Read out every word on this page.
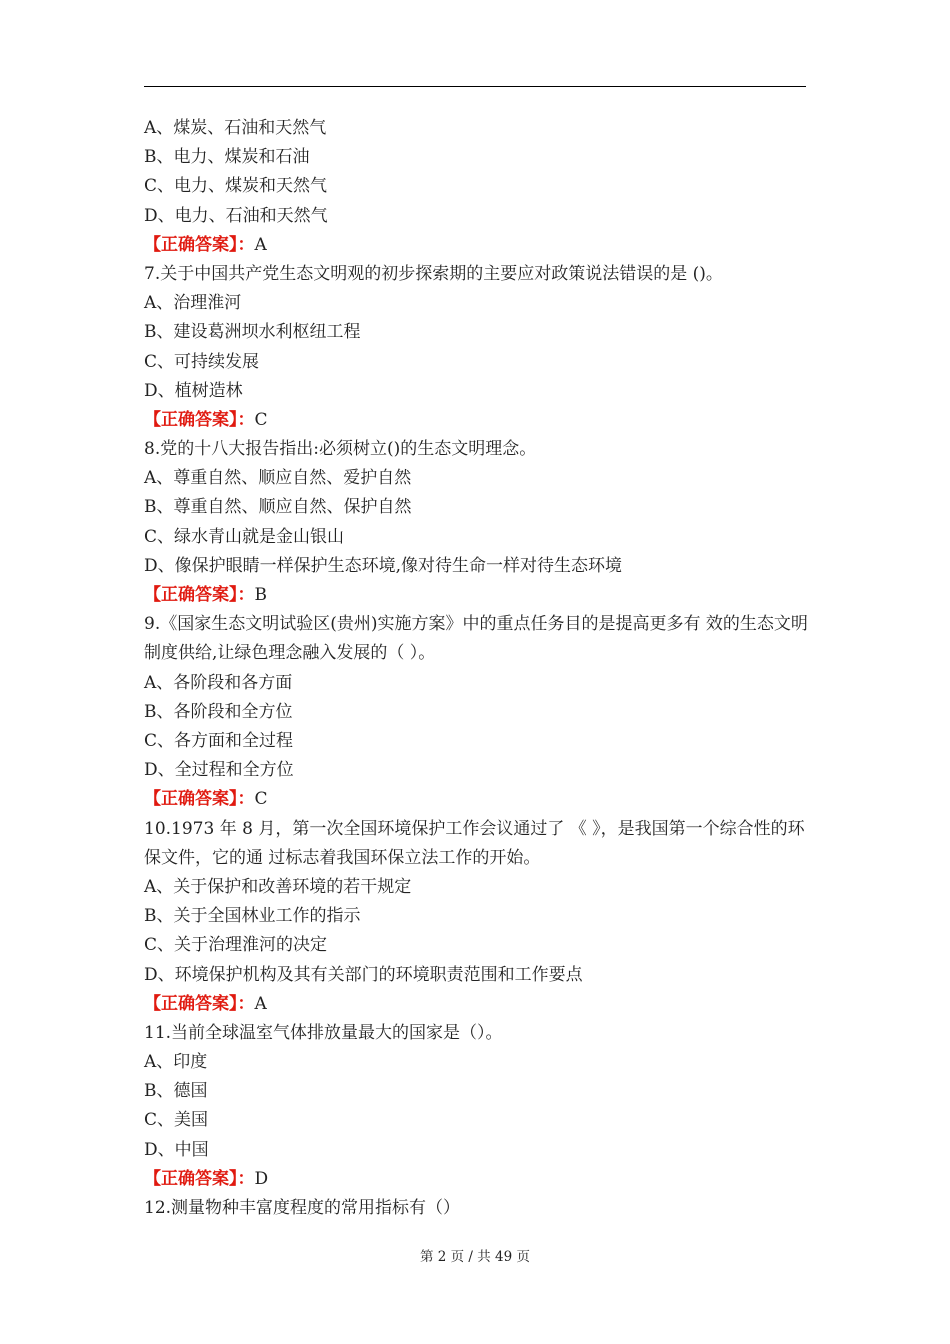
A、煤炭、石油和天然气
B、电力、煤炭和石油
C、电力、煤炭和天然气
D、电力、石油和天然气
【正确答案】：A
7.关于中国共产党生态文明观的初步探索期的主要应对政策说法错误的是 ()。
A、治理淮河
B、建设葛洲坝水利枢纽工程
C、可持续发展
D、植树造林
【正确答案】：C
8.党的十八大报告指出:必须树立()的生态文明理念。
A、尊重自然、顺应自然、爱护自然
B、尊重自然、顺应自然、保护自然
C、绿水青山就是金山银山
D、像保护眼睛一样保护生态环境,像对待生命一样对待生态环境
【正确答案】：B
9.《国家生态文明试验区(贵州)实施方案》中的重点任务目的是提高更多有 效的生态文明制度供给,让绿色理念融入发展的（ ）。
A、各阶段和各方面
B、各阶段和全方位
C、各方面和全过程
D、全过程和全方位
【正确答案】：C
10.1973 年 8 月，第一次全国环境保护工作会议通过了 《 》，是我国第一个综合性的环保文件，它的通 过标志着我国环保立法工作的开始。
A、关于保护和改善环境的若干规定
B、关于全国林业工作的指示
C、关于治理淮河的决定
D、环境保护机构及其有关部门的环境职责范围和工作要点
【正确答案】：A
11.当前全球温室气体排放量最大的国家是（）。
A、印度
B、德国
C、美国
D、中国
【正确答案】：D
12.测量物种丰富度程度的常用指标有（）
第 2 页 / 共 49 页
